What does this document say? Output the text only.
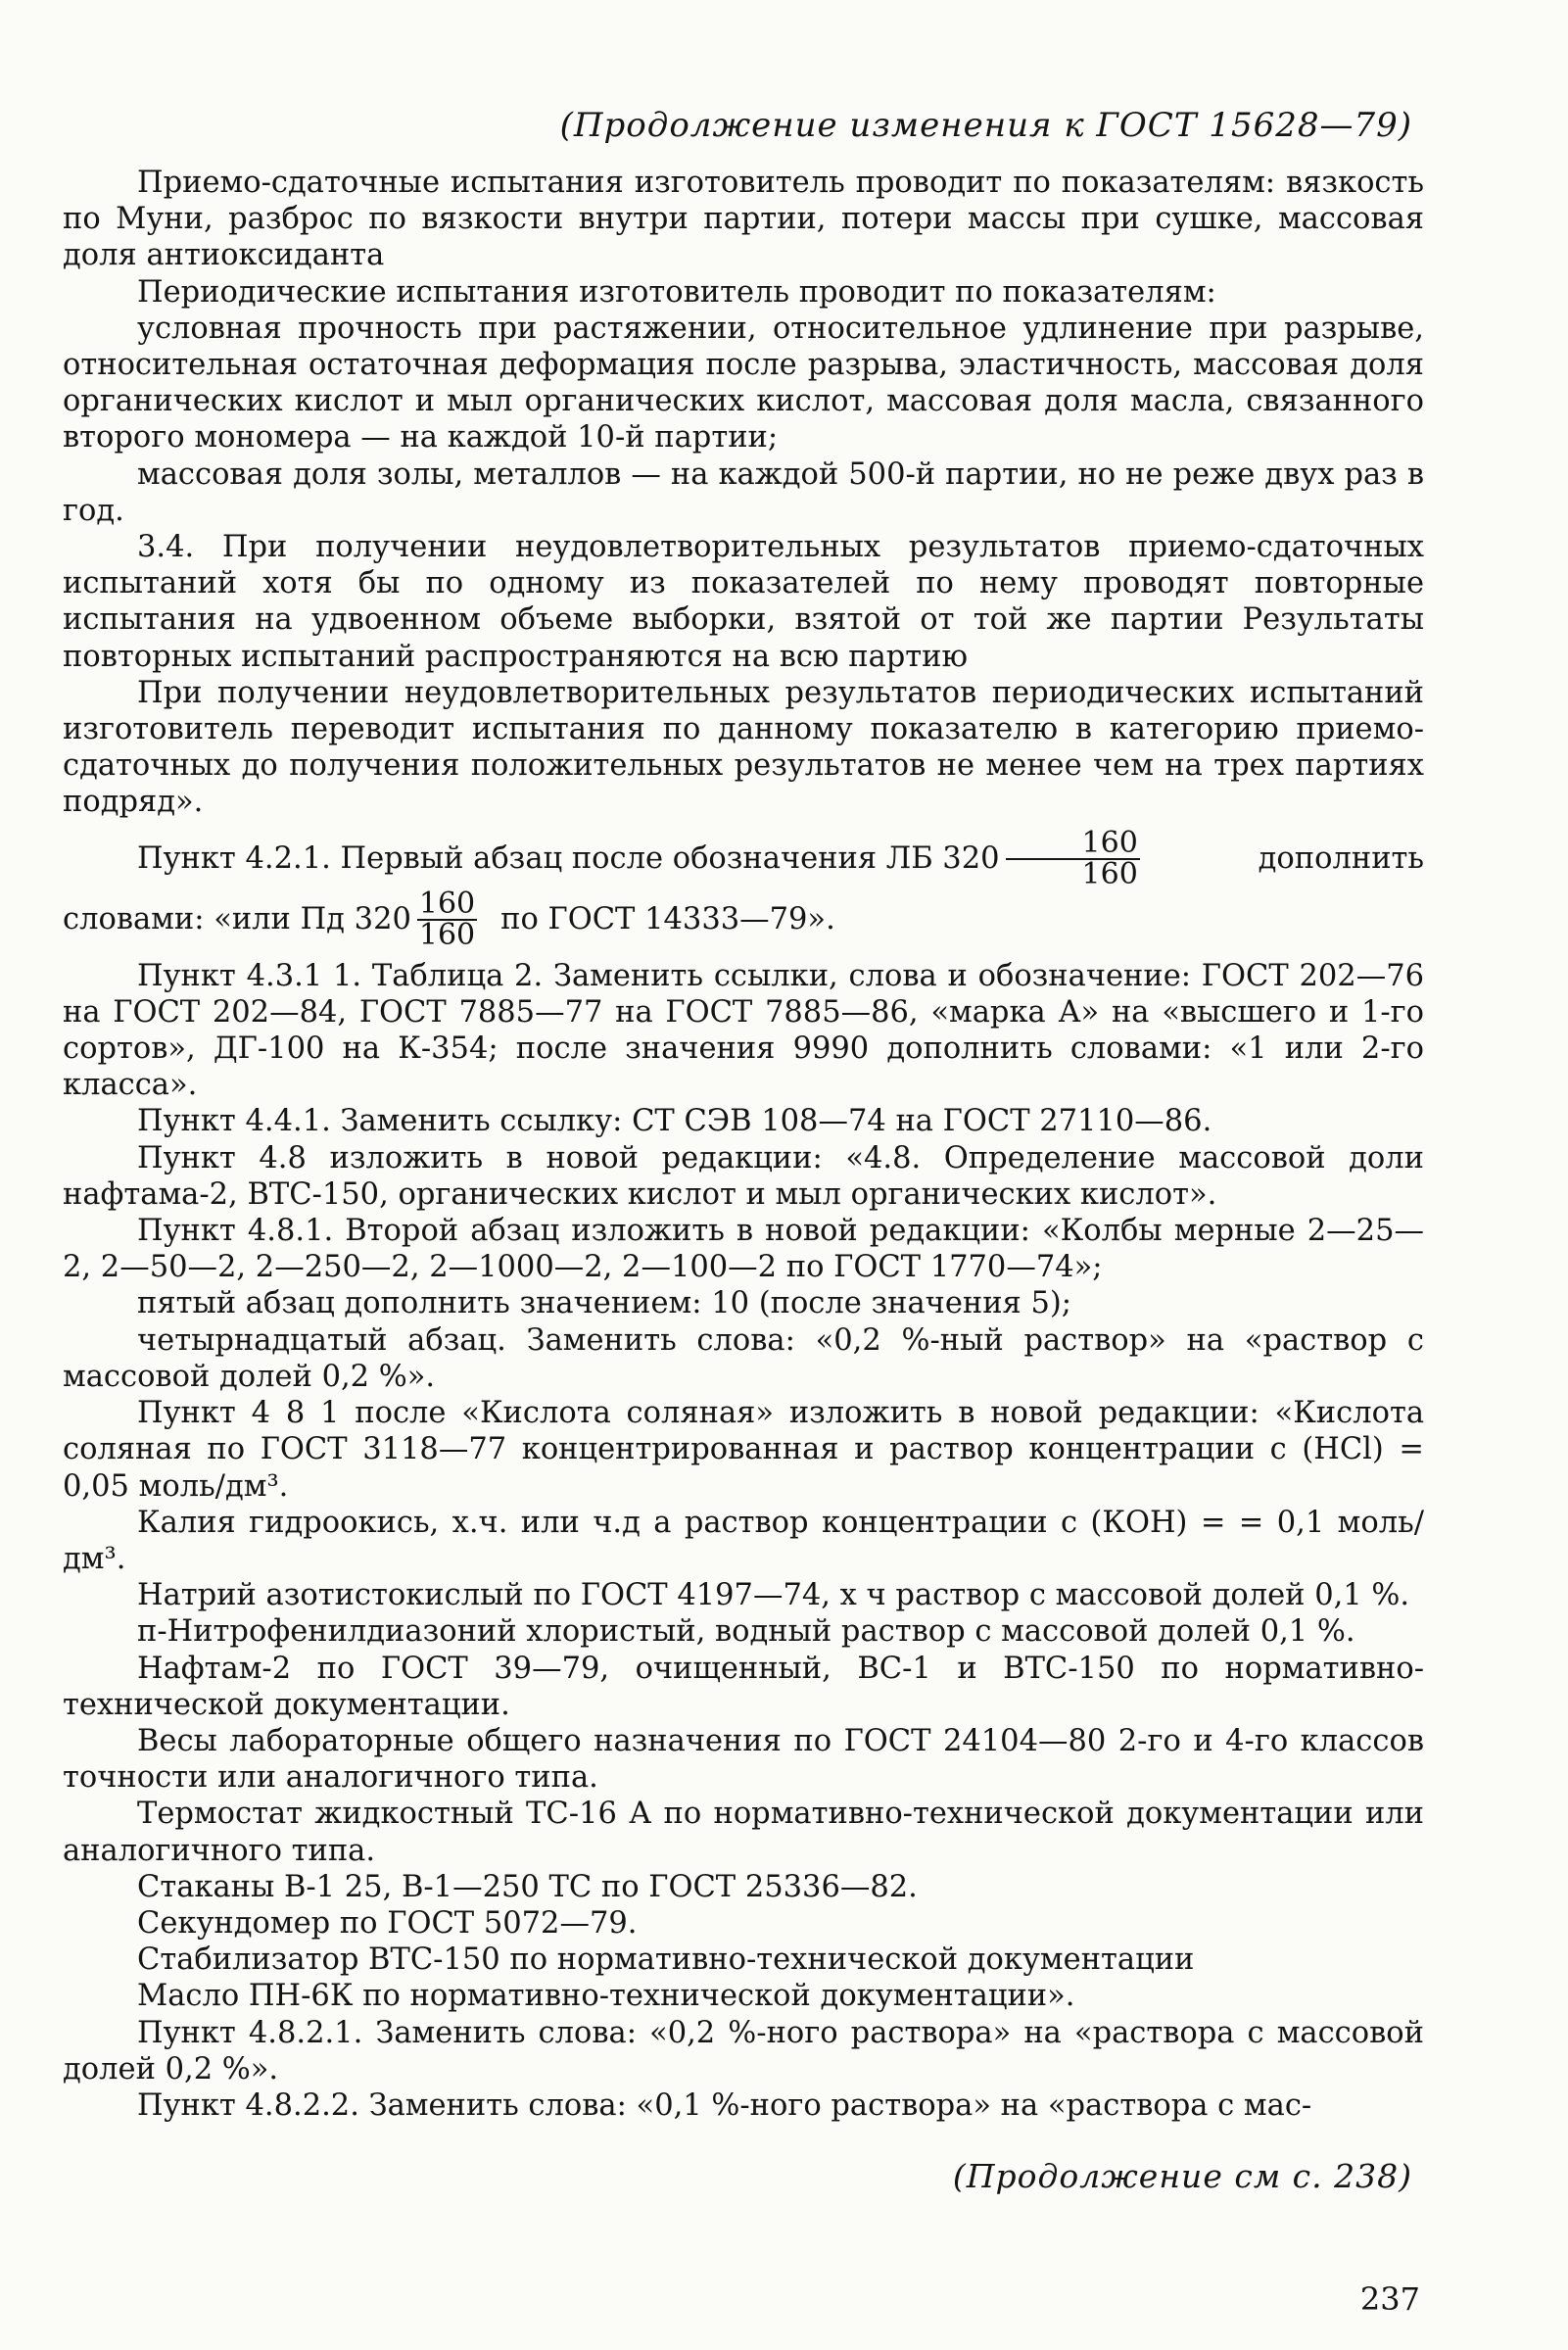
(Продолжение изменения к ГОСТ 15628—79)

Приемо-сдаточные испытания изготовитель проводит по показателям: вязкость по Муни, разброс по вязкости внутри партии, потери массы при сушке, массовая доля антиоксиданта

Периодические испытания изготовитель проводит по показателям:

условная прочность при растяжении, относительное удлинение при разрыве, относительная остаточная деформация после разрыва, эластичность, массовая доля органических кислот и мыл органических кислот, массовая доля масла, связанного второго мономера — на каждой 10-й партии;

массовая доля золы, металлов — на каждой 500-й партии, но не реже двух раз в год.

3.4. При получении неудовлетворительных результатов приемо-сдаточных испытаний хотя бы по одному из показателей по нему проводят повторные испытания на удвоенном объеме выборки, взятой от той же партии Результаты повторных испытаний распространяются на всю партию

При получении неудовлетворительных результатов периодических испытаний изготовитель переводит испытания по данному показателю в категорию приемо-сдаточных до получения положительных результатов не менее чем на трех партиях подряд».

Пункт 4.2.1. Первый абзац после обозначения ЛБ $320 \frac{160}{160}$	дополнить

словами: «или Пд $320 \frac{160}{160}$ по ГОСТ 14333—79».

Пункт 4.3.1 1. Таблица 2. Заменить ссылки, слова и обозначение: ГОСТ 202—76 на ГОСТ 202—84, ГОСТ 7885—77 на ГОСТ 7885—86, «марка А» на «высшего и 1-го сортов», ДГ-100 на К-354; после значения 9990 дополнить словами: «1 или 2-го класса».

Пункт 4.4.1. Заменить ссылку: СТ СЭВ 108—74 на ГОСТ 27110—86.

Пункт 4.8 изложить в новой редакции: «4.8. Определение массовой доли нафтама-2, ВТС-150, органических кислот и мыл органических кислот».

Пункт 4.8.1. Второй абзац изложить в новой редакции: «Колбы мерные 2—25—2, 2—50—2, 2—250—2, 2—1000—2, 2—100—2 по ГОСТ 1770—74»;

пятый абзац дополнить значением: 10 (после значения 5);

четырнадцатый абзац. Заменить слова: «0,2 %-ный раствор» на «раствор с массовой долей 0,2 %».

Пункт 4 8 1 после «Кислота соляная» изложить в новой редакции: «Кислота соляная по ГОСТ 3118—77 концентрированная и раствор концентрации c (HCl) = 0,05 моль/дм³.

Калия гидроокись, х.ч. или ч.д а раствор концентрации c (КОН) = = 0,1 моль/дм³.

Натрий азотистокислый по ГОСТ 4197—74, х ч раствор с массовой долей 0,1 %.

п-Нитрофенилдиазоний хлористый, водный раствор с массовой долей 0,1 %.

Нафтам-2 по ГОСТ 39—79, очищенный, ВС-1 и ВТС-150 по нормативно-технической документации.

Весы лабораторные общего назначения по ГОСТ 24104—80 2-го и 4-го классов точности или аналогичного типа.

Термостат жидкостный ТС-16 А по нормативно-технической документации или аналогичного типа.

Стаканы В-1 25, В-1—250 ТС по ГОСТ 25336—82.

Секундомер по ГОСТ 5072—79.

Стабилизатор ВТС-150 по нормативно-технической документации

Масло ПН-6К по нормативно-технической документации».

Пункт 4.8.2.1. Заменить слова: «0,2 %-ного раствора» на «раствора с массовой долей 0,2 %».

Пункт 4.8.2.2. Заменить слова: «0,1 %-ного раствора» на «раствора с мас-

(Продолжение см с. 238)
237
